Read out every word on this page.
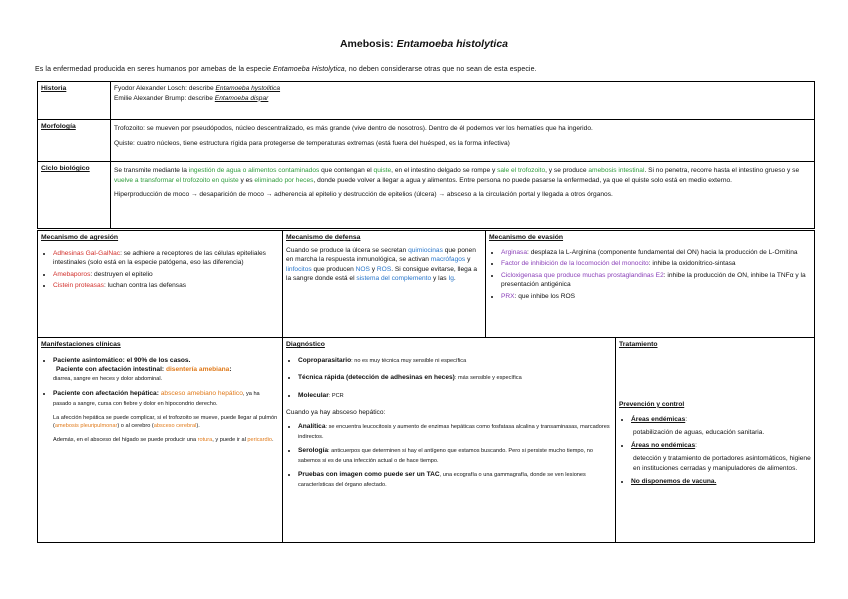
Amebosis: Entamoeba histolytica
Es la enfermedad producida en seres humanos por amebas de la especie Entamoeba Histolytica, no deben considerarse otras que no sean de esta especie.
Historia	Fyodor Alexander Losch: describe Entamoeba hystolitica
Emilie Alexander Brump: describe Entamoeba dispar

Morfología	Trofozoito: se mueven por pseudópodos, núcleo descentralizado, es más grande (vive dentro de nosotros). Dentro de él podemos ver los hematíes que ha ingerido.
Quiste: cuatro núcleos, tiene estructura rígida para protegerse de temperaturas extremas (está fuera del huésped, es la forma infectiva)

Ciclo biológico	Se transmite mediante la ingestión de agua o alimentos contaminados que contengan el quiste, en el intestino delgado se rompe y sale el trofozoito, y se produce amebosis intestinal. Si no penetra, recorre hasta el intestino grueso y se vuelve a transformar el trofozoito en quiste y es eliminado por heces, donde puede volver a llegar a agua y alimentos. Entre persona no puede pasarse la enfermedad, ya que el quiste solo está en medio externo.
Hiperproducción de moco → desaparición de moco → adherencia al epitelio y destrucción de epitelios (úlcera) → absceso a la circulación portal y llegada a otros órganos.
Mecanismo de agresión
• Adhesinas Gal-GalNac: se adhiere a receptores de las células epiteliales intestinales (solo está en la especie patógena, eso las diferencia)
• Amebaporos: destruyen el epitelio
• Cistein proteasas: luchan contra las defensas

Mecanismo de defensa
Cuando se produce la úlcera se secretan quimiocinas que ponen en marcha la respuesta inmunológica, se activan macrófagos y linfocitos que producen NOS y ROS. Si consigue evitarse, llega a la sangre donde está el sistema del complemento y las Ig.

Mecanismo de evasión
• Arginasa: desplaza la L-Arginina (componente fundamental del ON) hacia la producción de L-Ornitina
• Factor de inhibición de la locomoción del monocito: inhibe la oxidonítrico-sintasa
• Cicloxigenasa que produce muchas prostaglandinas E2: inhibe la producción de ON, inhibe la TNFα y la presentación antigénica
• PRX: que inhibe los ROS
Manifestaciones clínicas
• Paciente asintomático: el 90% de los casos.
Paciente con afectación intestinal: disentería amebiana:
diarrea, sangre en heces y dolor abdominal.
• Paciente con afectación hepática: absceso amebiano hepático, ya ha pasado a sangre, cursa con fiebre y dolor en hipocondrio derecho.
La afección hepática se puede complicar, si el trofozoito se mueve, puede llegar al pulmón (amebosis pleuripulmonar) o al cerebro (absceso cerebral).
Además, en el absceso del hígado se puede producir una rotura, y puede ir al pericardio.

Diagnóstico
• Coproparasitario: no es muy técnica muy sensible ni específica
• Técnica rápida (detección de adhesinas en heces): más sensible y específica
• Molecular: PCR
Cuando ya hay absceso hepático:
• Analítica: se encuentra leucocitosis y aumento de enzimas hepáticas como fosfatasa alcalina y transaminasas, marcadores indirectos.
• Serología: anticuerpos que determinen si hay el antígeno que estamos buscando. Pero si persiste mucho tiempo, no sabemos si es de una infección actual o de hace tiempo.
• Pruebas con imagen como puede ser un TAC, una ecografía o una gammagrafía, donde se ven lesiones características del órgano afectado.

Tratamiento
Prevención y control
• Áreas endémicas:
potabilización de aguas, educación sanitaria.
• Áreas no endémicas:
detección y tratamiento de portadores asintomáticos, higiene en instituciones cerradas y manipuladores de alimentos.
• No disponemos de vacuna.
